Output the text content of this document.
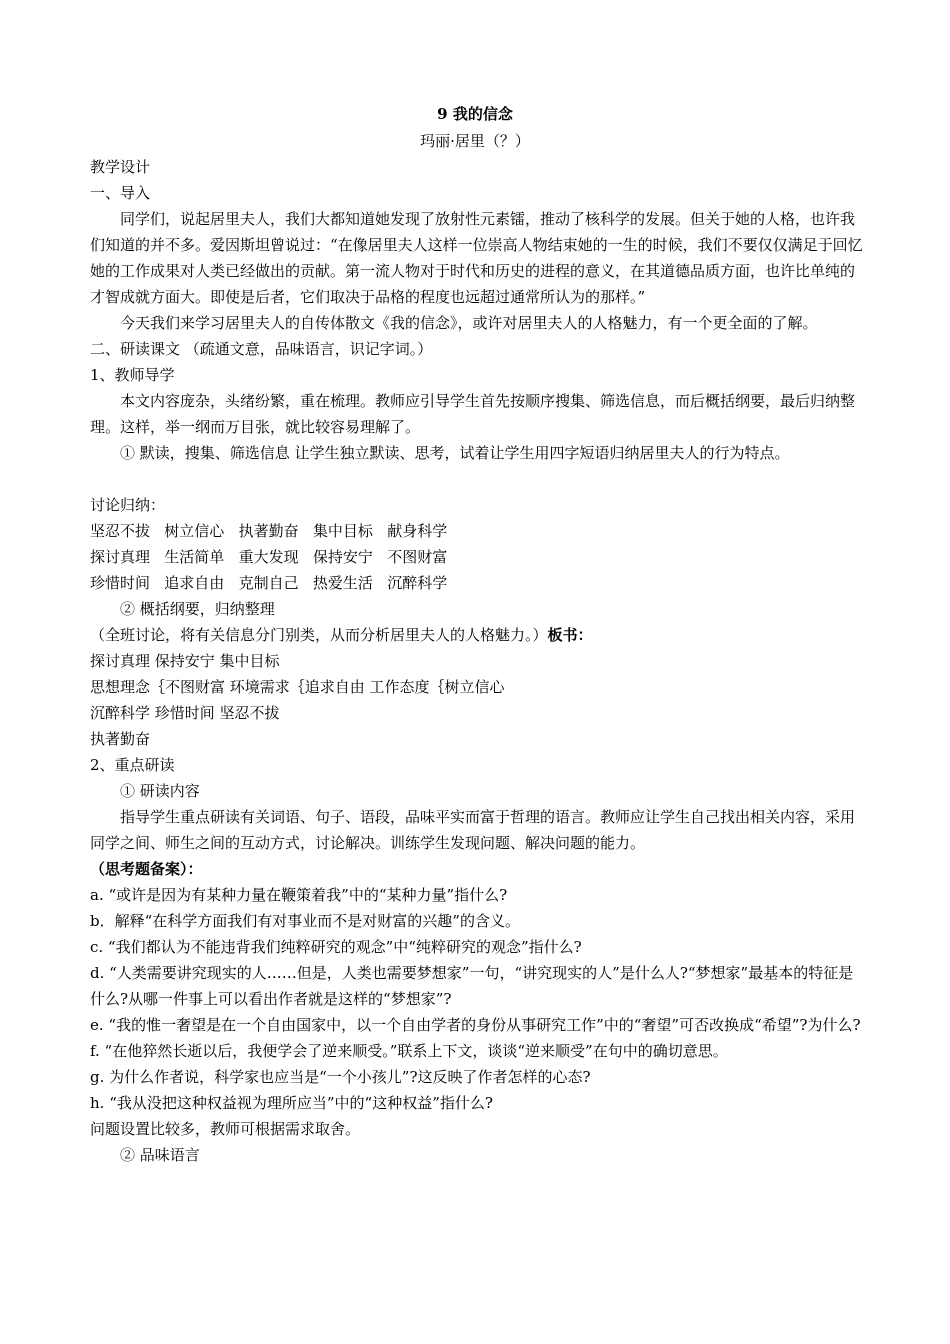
9 我的信念
玛丽·居里（？）

教学设计

一、导入

同学们，说起居里夫人，我们大都知道她发现了放射性元素镭，推动了核科学的发展。但关于她的人格，也许我们知道的并不多。爱因斯坦曾说过：“在像居里夫人这样一位崇高人物结束她的一生的时候，我们不要仅仅满足于回忆她的工作成果对人类已经做出的贡献。第一流人物对于时代和历史的进程的意义，在其道德品质方面，也许比单纯的才智成就方面大。即使是后者，它们取决于品格的程度也远超过通常所认为的那样。”

今天我们来学习居里夫人的自传体散文《我的信念》，或许对居里夫人的人格魅力，有一个更全面的了解。

二、研读课文 （疏通文意，品味语言，识记字词。）

1、教师导学

本文内容庞杂，头绪纷繁，重在梳理。教师应引导学生首先按顺序搜集、筛选信息，而后概括纲要，最后归纳整理。这样，举一纲而万目张，就比较容易理解了。

① 默读，搜集、筛选信息 让学生独立默读、思考，试着让学生用四字短语归纳居里夫人的行为特点。

讨论归纳：

坚忍不拔   树立信心   执著勤奋   集中目标   献身科学

探讨真理   生活简单   重大发现   保持安宁   不图财富

珍惜时间   追求自由   克制自己   热爱生活   沉醉科学

② 概括纲要，归纳整理

（全班讨论，将有关信息分门别类，从而分析居里夫人的人格魅力。）板书：

探讨真理 保持安宁 集中目标

思想理念｛不图财富 环境需求｛追求自由 工作态度｛树立信心

沉醉科学 珍惜时间 坚忍不拔

执著勤奋

2、重点研读

① 研读内容

指导学生重点研读有关词语、句子、语段，品味平实而富于哲理的语言。教师应让学生自己找出相关内容，采用同学之间、师生之间的互动方式，讨论解决。训练学生发现问题、解决问题的能力。

（思考题备案）：

a. “或许是因为有某种力量在鞭策着我”中的“某种力量”指什么?

b．解释“在科学方面我们有对事业而不是对财富的兴趣”的含义。

c. “我们都认为不能违背我们纯粹研究的观念”中“纯粹研究的观念”指什么?

d. “人类需要讲究现实的人……但是，人类也需要梦想家”一句，“讲究现实的人”是什么人?“梦想家”最基本的特征是什么?从哪一件事上可以看出作者就是这样的“梦想家”?

e. “我的惟一奢望是在一个自由国家中，以一个自由学者的身份从事研究工作”中的“奢望”可否改换成“希望”?为什么?

f. “在他猝然长逝以后，我便学会了逆来顺受。”联系上下文，谈谈“逆来顺受”在句中的确切意思。

g. 为什么作者说，科学家也应当是“一个小孩儿”?这反映了作者怎样的心态?

h. “我从没把这种权益视为理所应当”中的“这种权益”指什么?

问题设置比较多，教师可根据需求取舍。

② 品味语言
